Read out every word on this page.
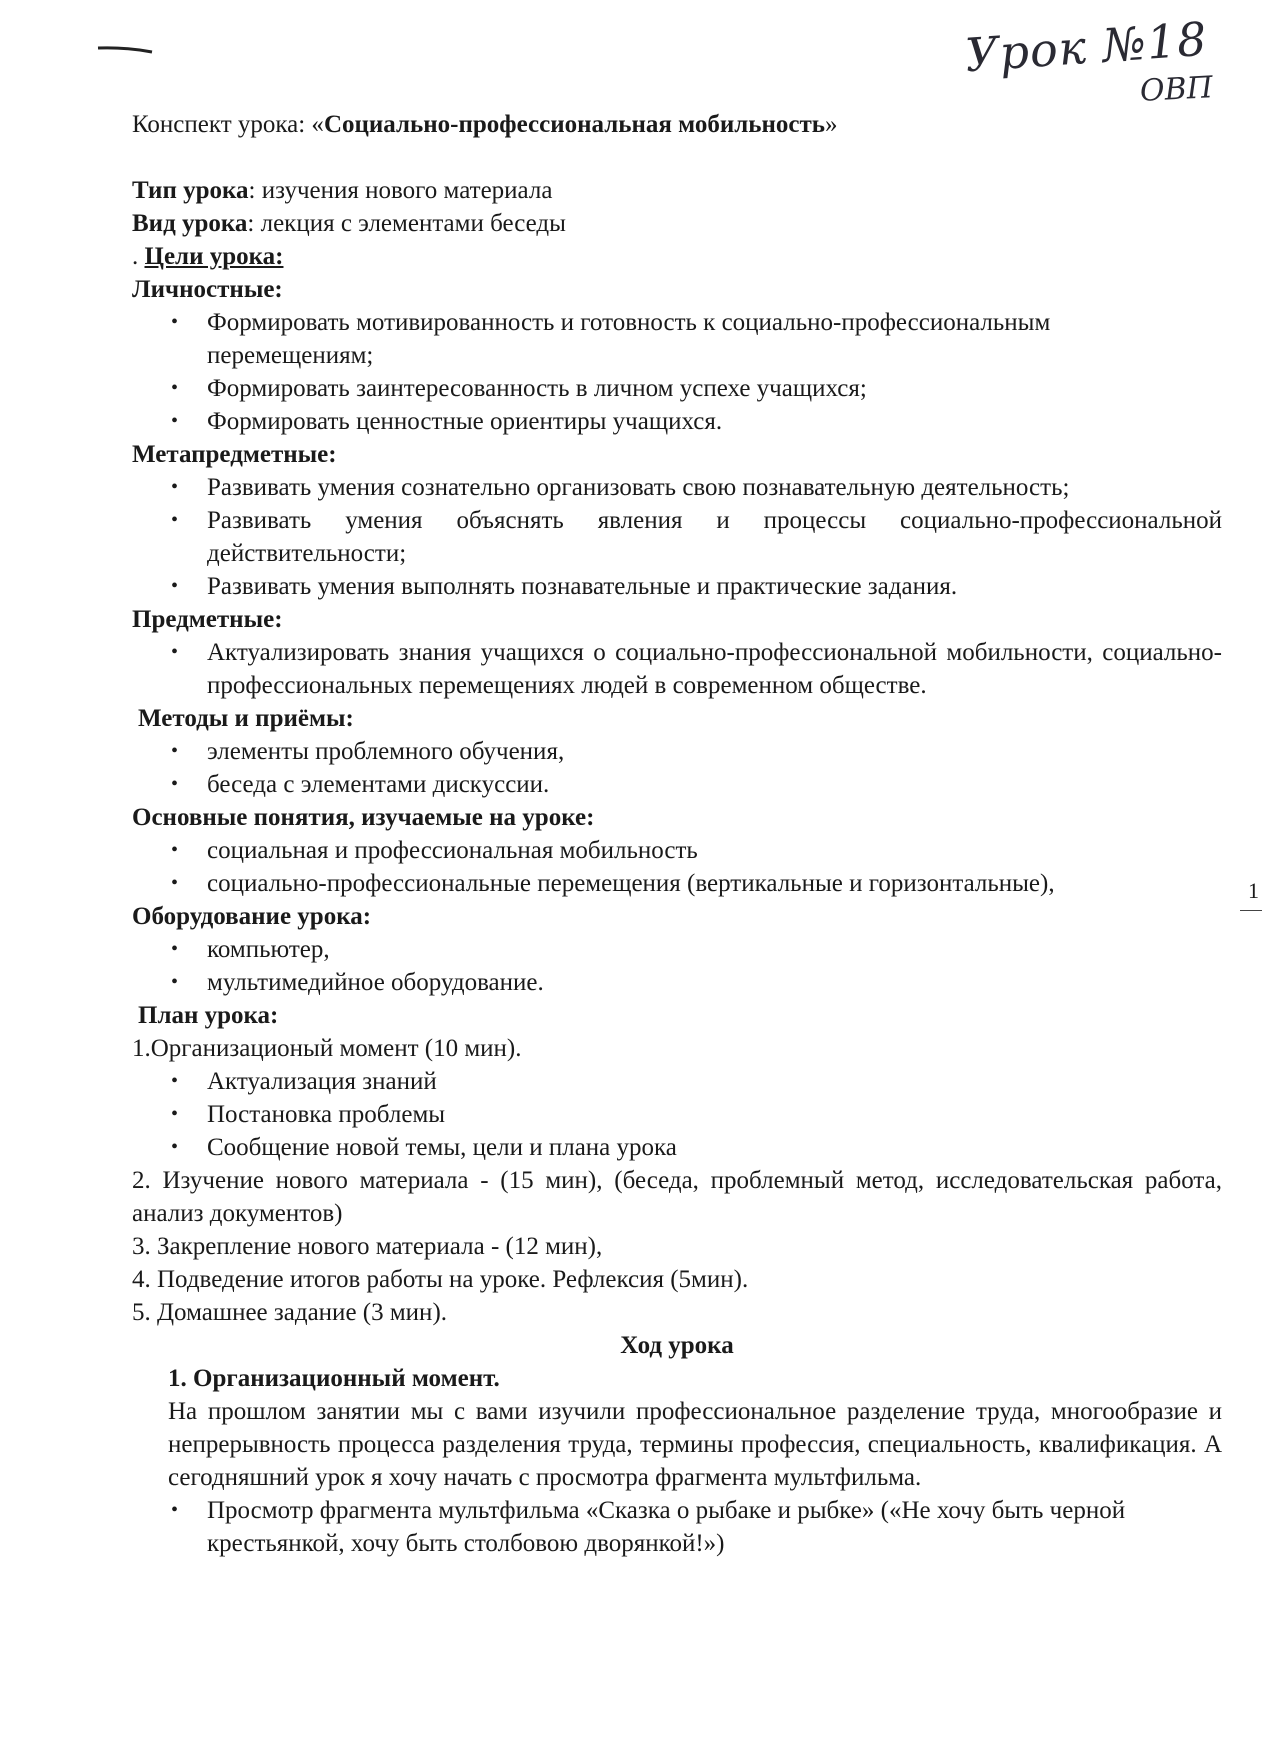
Урок №18
ОВП
1

Конспект урока: «Социально-профессиональная мобильность»

Тип урока: изучения нового материала

Вид урока: лекция с элементами беседы

. Цели урока:

Личностные:

• Формировать мотивированность и готовность к социально-профессиональным перемещениям;
• Формировать заинтересованность в личном успехе учащихся;
• Формировать ценностные ориентиры учащихся.

Метапредметные:

• Развивать умения сознательно организовать свою познавательную деятельность;
• Развивать умения объяснять явления и процессы социально-профессиональной действительности;
• Развивать умения выполнять познавательные и практические задания.

Предметные:

• Актуализировать знания учащихся о социально-профессиональной мобильности, социально-профессиональных перемещениях людей в современном обществе.

Методы и приёмы:

• элементы проблемного обучения,
• беседа с элементами дискуссии.

Основные понятия, изучаемые на уроке:

• социальная и профессиональная мобильность
• социально-профессиональные перемещения (вертикальные и горизонтальные),

Оборудование урока:

• компьютер,
• мультимедийное оборудование.

План урока:

1.Организационый момент (10 мин).

• Актуализация знаний
• Постановка проблемы
• Сообщение новой темы, цели и плана урока

2. Изучение нового материала - (15 мин), (беседа, проблемный метод, исследовательская работа, анализ документов)

3. Закрепление нового материала - (12 мин),

4. Подведение итогов работы на уроке. Рефлексия (5мин).

5. Домашнее задание (3 мин).

Ход урока

1. Организационный момент.

На прошлом занятии мы с вами изучили профессиональное разделение труда, многообразие и непрерывность процесса разделения труда, термины профессия, специальность, квалификация. А сегодняшний урок я хочу начать с просмотра фрагмента мультфильма.

• Просмотр фрагмента мультфильма «Сказка о рыбаке и рыбке» («Не хочу быть черной крестьянкой, хочу быть столбовою дворянкой!»)
